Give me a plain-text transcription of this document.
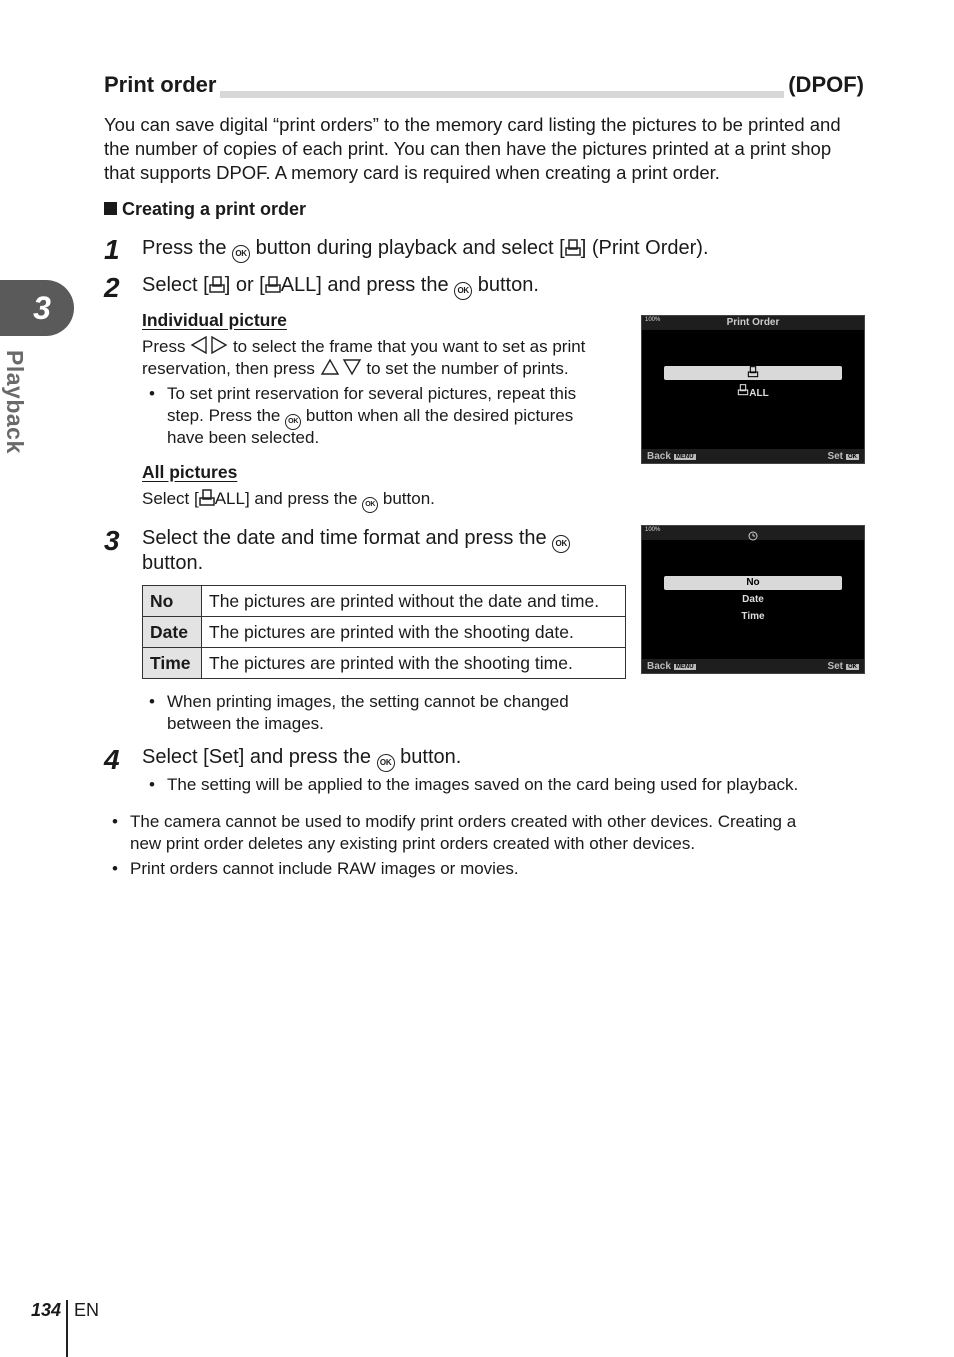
3
Playback
Print order	(DPOF)
You can save digital “print orders” to the memory card listing the pictures to be printed and the number of copies of each print. You can then have the pictures printed at a print shop that supports DPOF. A memory card is required when creating a print order.
Creating a print order
1 Press the OK button during playback and select [ ] (Print Order).
2 Select [ ] or [ ALL] and press the OK button.
Individual picture
Press	to select the frame that you want to set as print
reservation, then press	to set the number of prints.
• To set print reservation for several pictures, repeat this
step. Press the OK button when all the desired pictures
have been selected.
All pictures
Select [ ALL] and press the OK button.
100%	Print Order
ALL
Back MENU	Set OK
3 Select the date and time format and press the OK
button.
No	The pictures are printed without the date and time.
Date	The pictures are printed with the shooting date.
Time	The pictures are printed with the shooting time.
100%
No
Date
Time
Back MENU	Set OK
• When printing images, the setting cannot be changed
between the images.
4 Select [Set] and press the OK button.
• The setting will be applied to the images saved on the card being used for playback.
• The camera cannot be used to modify print orders created with other devices. Creating a
new print order deletes any existing print orders created with other devices.
• Print orders cannot include RAW images or movies.
134 EN
